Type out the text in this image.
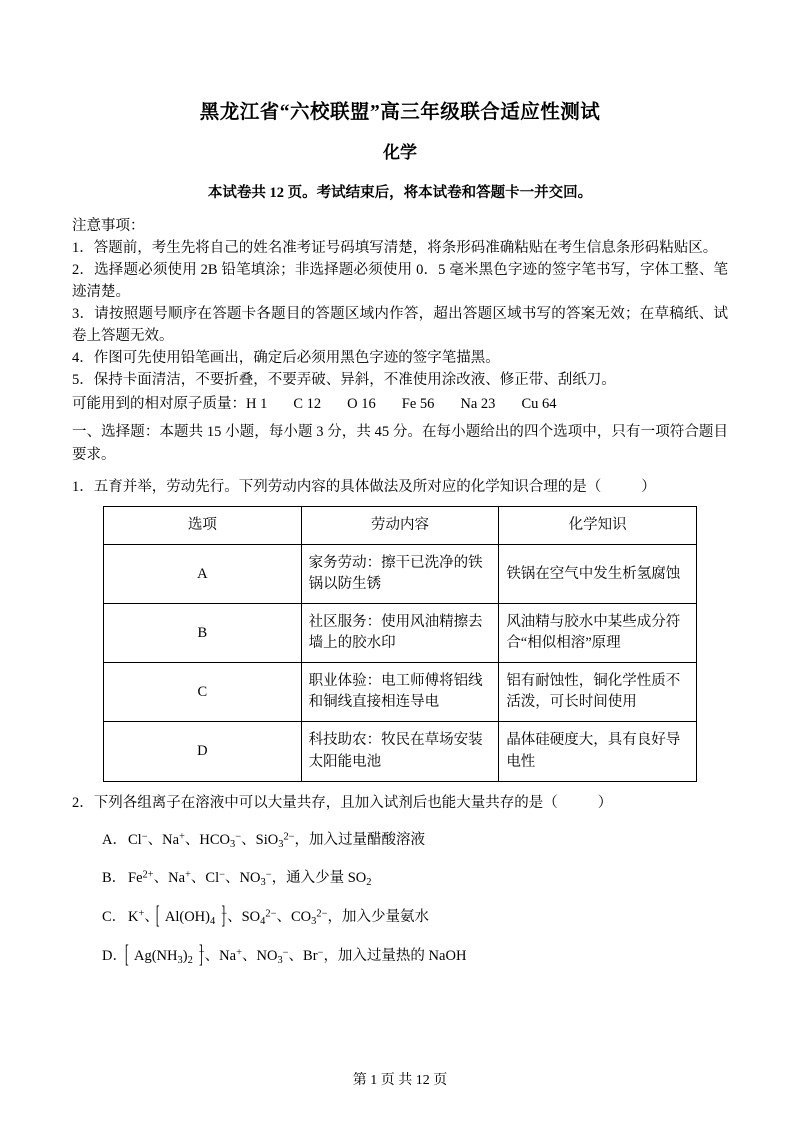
黑龙江省“六校联盟”高三年级联合适应性测试
化学

本试卷共 12 页。考试结束后，将本试卷和答题卡一并交回。

注意事项：

1．答题前，考生先将自己的姓名准考证号码填写清楚，将条形码准确粘贴在考生信息条形码粘贴区。

2．选择题必须使用 2B 铅笔填涂；非选择题必须使用 0．5 毫米黑色字迹的签字笔书写，字体工整、笔迹清楚。

3．请按照题号顺序在答题卡各题目的答题区域内作答，超出答题区域书写的答案无效；在草稿纸、试卷上答题无效。

4．作图可先使用铅笔画出，确定后必须用黑色字迹的签字笔描黑。

5．保持卡面清洁，不要折叠，不要弄破、异斜，不准使用涂改液、修正带、刮纸刀。

可能用到的相对原子质量：H 1 C 12 O 16 Fe 56 Na 23 Cu 64

一、选择题：本题共 15 小题，每小题 3 分，共 45 分。在每小题给出的四个选项中，只有一项符合题目要求。

1．五育并举，劳动先行。下列劳动内容的具体做法及所对应的化学知识合理的是（	）

选项	劳动内容	化学知识
A	家务劳动：擦干已洗净的铁锅以防生锈	铁锅在空气中发生析氢腐蚀
B	社区服务：使用风油精擦去墙上的胶水印	风油精与胶水中某些成分符合“相似相溶”原理
C	职业体验：电工师傅将铝线和铜线直接相连导电	铝有耐蚀性，铜化学性质不活泼，可长时间使用
D	科技助农：牧民在草场安装太阳能电池	晶体硅硬度大，具有良好导电性

2．下列各组离子在溶液中可以大量共存，且加入试剂后也能大量共存的是（	）

A．Cl−、Na+、$HCO_3^-$、SiO$_3^{2-}$，加入过量醋酸溶液

B． $Fe^{2+}$、Na+、Cl−、$NO_3^-$，通入少量 $SO_2$

C． K+、 [ $Al(OH)_4$ ]−、$SO_4^{2-}$、$CO_3^{2-}$，加入少量氨水

D． [ $Ag(NH_3)_2$ ]+、Na+、$NO_3^-$、Br−，加入过量热的 NaOH

第 1 页 共 12 页
